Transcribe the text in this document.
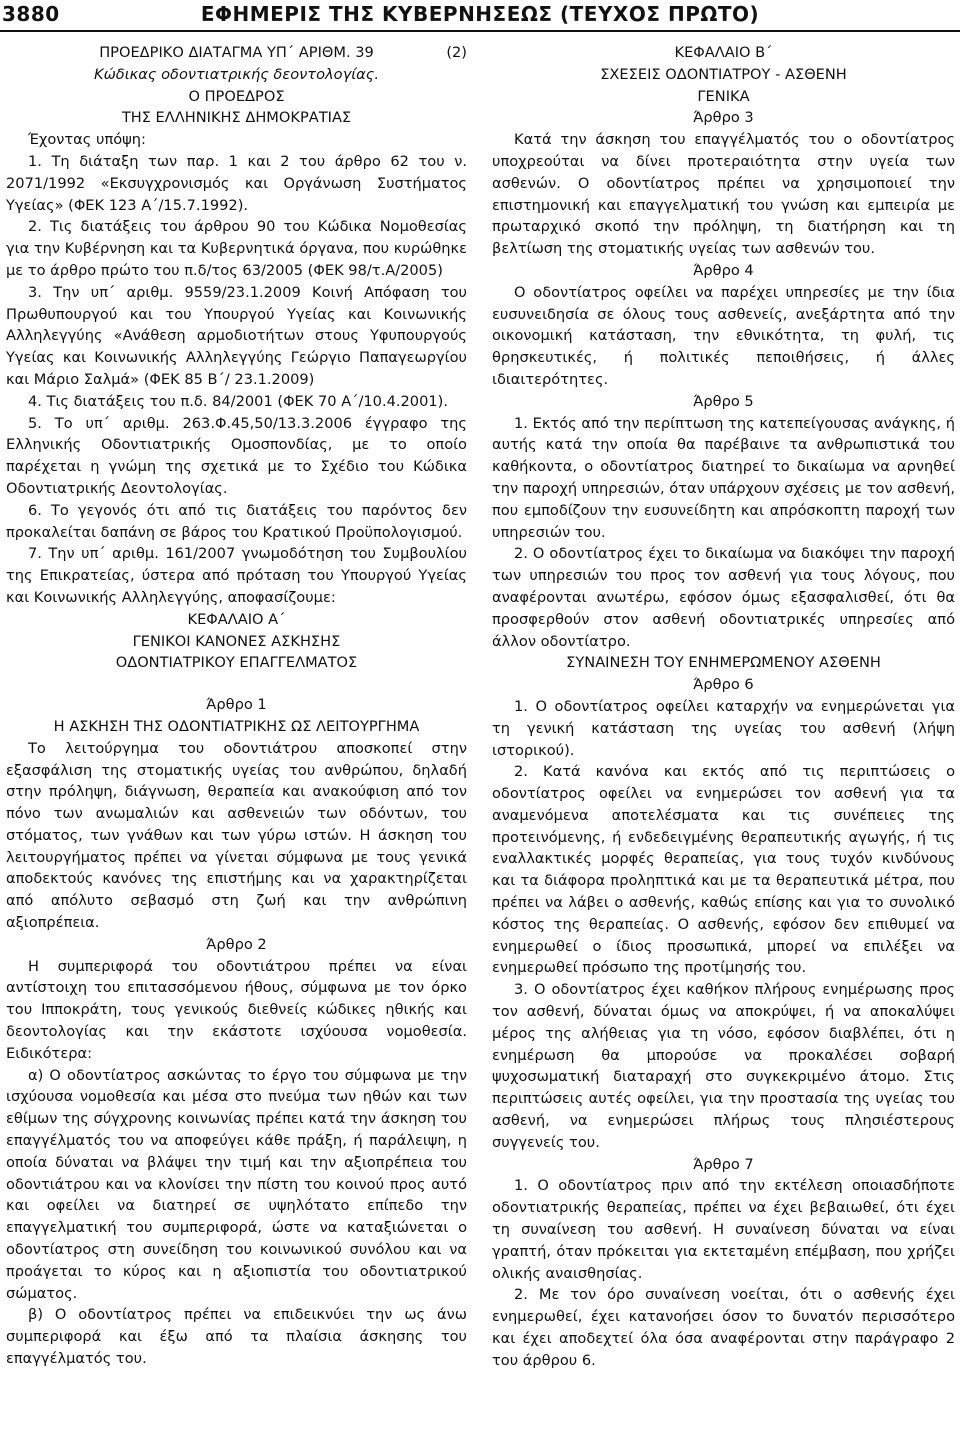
3880	ΕΦΗΜΕΡΙΣ ΤΗΣ ΚΥΒΕΡΝΗΣΕΩΣ (ΤΕΥΧΟΣ ΠΡΩΤΟ)
(2)

ΠΡΟΕΔΡΙΚΟ ΔΙΑΤΑΓΜΑ ΥΠ΄ ΑΡΙΘΜ. 39

Κώδικας οδοντιατρικής δεοντολογίας.

Ο ΠΡΟΕΔΡΟΣ

ΤΗΣ ΕΛΛΗΝΙΚΗΣ ΔΗΜΟΚΡΑΤΙΑΣ

Έχοντας υπόψη:

1. Τη διάταξη των παρ. 1 και 2 του άρθρο 62 του ν. 2071/1992 «Εκσυγχρονισμός και Οργάνωση Συστήματος Υγείας» (ΦΕΚ 123 Α΄/15.7.1992).

2. Τις διατάξεις του άρθρου 90 του Κώδικα Νομοθεσίας για την Κυβέρνηση και τα Κυβερνητικά όργανα, που κυρώθηκε με το άρθρο πρώτο του π.δ/τος 63/2005 (ΦΕΚ 98/τ.Α/2005)

3. Την υπ΄ αριθμ. 9559/23.1.2009 Κοινή Απόφαση του Πρωθυπουργού και του Υπουργού Υγείας και Κοινωνικής Αλληλεγγύης «Ανάθεση αρμοδιοτήτων στους Υφυπουργούς Υγείας και Κοινωνικής Αλληλεγγύης Γεώργιο Παπαγεωργίου και Μάριο Σαλμά» (ΦΕΚ 85 Β΄/ 23.1.2009)

4. Τις διατάξεις του π.δ. 84/2001 (ΦΕΚ 70 Α΄/10.4.2001).

5. Το υπ΄ αριθμ. 263.Φ.45,50/13.3.2006 έγγραφο της Ελληνικής Οδοντιατρικής Ομοσπονδίας, με το οποίο παρέχεται η γνώμη της σχετικά με το Σχέδιο του Κώδικα Οδοντιατρικής Δεοντολογίας.

6. Το γεγονός ότι από τις διατάξεις του παρόντος δεν προκαλείται δαπάνη σε βάρος του Κρατικού Προϋπολογισμού.

7. Την υπ΄ αριθμ. 161/2007 γνωμοδότηση του Συμβουλίου της Επικρατείας, ύστερα από πρόταση του Υπουργού Υγείας και Κοινωνικής Αλληλεγγύης, αποφασίζουμε:

ΚΕΦΑΛΑΙΟ Α΄

ΓΕΝΙΚΟΙ ΚΑΝΟΝΕΣ ΑΣΚΗΣΗΣ

ΟΔΟΝΤΙΑΤΡΙΚΟΥ ΕΠΑΓΓΕΛΜΑΤΟΣ

Άρθρο 1

Η ΑΣΚΗΣΗ ΤΗΣ ΟΔΟΝΤΙΑΤΡΙΚΗΣ ΩΣ ΛΕΙΤΟΥΡΓΗΜΑ

Το λειτούργημα του οδοντιάτρου αποσκοπεί στην εξασφάλιση της στοματικής υγείας του ανθρώπου, δηλαδή στην πρόληψη, διάγνωση, θεραπεία και ανακούφιση από τον πόνο των ανωμαλιών και ασθενειών των οδόντων, του στόματος, των γνάθων και των γύρω ιστών. Η άσκηση του λειτουργήματος πρέπει να γίνεται σύμφωνα με τους γενικά αποδεκτούς κανόνες της επιστήμης και να χαρακτηρίζεται από απόλυτο σεβασμό στη ζωή και την ανθρώπινη αξιοπρέπεια.

Άρθρο 2

Η συμπεριφορά του οδοντιάτρου πρέπει να είναι αντίστοιχη του επιτασσόμενου ήθους, σύμφωνα με τον όρκο του Ιπποκράτη, τους γενικούς διεθνείς κώδικες ηθικής και δεοντολογίας και την εκάστοτε ισχύουσα νομοθεσία. Ειδικότερα:

α) Ο οδοντίατρος ασκώντας το έργο του σύμφωνα με την ισχύουσα νομοθεσία και μέσα στο πνεύμα των ηθών και των εθίμων της σύγχρονης κοινωνίας πρέπει κατά την άσκηση του επαγγέλματός του να αποφεύγει κάθε πράξη, ή παράλειψη, η οποία δύναται να βλάψει την τιμή και την αξιοπρέπεια του οδοντιάτρου και να κλονίσει την πίστη του κοινού προς αυτό και οφείλει να διατηρεί σε υψηλότατο επίπεδο την επαγγελματική του συμπεριφορά, ώστε να καταξιώνεται ο οδοντίατρος στη συνείδηση του κοινωνικού συνόλου και να προάγεται το κύρος και η αξιοπιστία του οδοντιατρικού σώματος.

β) Ο οδοντίατρος πρέπει να επιδεικνύει την ως άνω συμπεριφορά και έξω από τα πλαίσια άσκησης του επαγγέλματός του.

ΚΕΦΑΛΑΙΟ Β΄

ΣΧΕΣΕΙΣ ΟΔΟΝΤΙΑΤΡΟΥ - ΑΣΘΕΝΗ

ΓΕΝΙΚΑ

Άρθρο 3

Κατά την άσκηση του επαγγέλματός του ο οδοντίατρος υποχρεούται να δίνει προτεραιότητα στην υγεία των ασθενών. Ο οδοντίατρος πρέπει να χρησιμοποιεί την επιστημονική και επαγγελματική του γνώση και εμπειρία με πρωταρχικό σκοπό την πρόληψη, τη διατήρηση και τη βελτίωση της στοματικής υγείας των ασθενών του.

Άρθρο 4

Ο οδοντίατρος οφείλει να παρέχει υπηρεσίες με την ίδια ευσυνειδησία σε όλους τους ασθενείς, ανεξάρτητα από την οικονομική κατάσταση, την εθνικότητα, τη φυλή, τις θρησκευτικές, ή πολιτικές πεποιθήσεις, ή άλλες ιδιαιτερότητες.

Άρθρο 5

1. Εκτός από την περίπτωση της κατεπείγουσας ανάγκης, ή αυτής κατά την οποία θα παρέβαινε τα ανθρωπιστικά του καθήκοντα, ο οδοντίατρος διατηρεί το δικαίωμα να αρνηθεί την παροχή υπηρεσιών, όταν υπάρχουν σχέσεις με τον ασθενή, που εμποδίζουν την ευσυνείδητη και απρόσκοπτη παροχή των υπηρεσιών του.

2. Ο οδοντίατρος έχει το δικαίωμα να διακόψει την παροχή των υπηρεσιών του προς τον ασθενή για τους λόγους, που αναφέρονται ανωτέρω, εφόσον όμως εξασφαλισθεί, ότι θα προσφερθούν στον ασθενή οδοντιατρικές υπηρεσίες από άλλον οδοντίατρο.

ΣΥΝΑΙΝΕΣΗ ΤΟΥ ΕΝΗΜΕΡΩΜΕΝΟΥ ΑΣΘΕΝΗ

Άρθρο 6

1. Ο οδοντίατρος οφείλει καταρχήν να ενημερώνεται για τη γενική κατάσταση της υγείας του ασθενή (λήψη ιστορικού).

2. Κατά κανόνα και εκτός από τις περιπτώσεις ο οδοντίατρος οφείλει να ενημερώσει τον ασθενή για τα αναμενόμενα αποτελέσματα και τις συνέπειες της προτεινόμενης, ή ενδεδειγμένης θεραπευτικής αγωγής, ή τις εναλλακτικές μορφές θεραπείας, για τους τυχόν κινδύνους και τα διάφορα προληπτικά και με τα θεραπευτικά μέτρα, που πρέπει να λάβει ο ασθενής, καθώς επίσης και για το συνολικό κόστος της θεραπείας. Ο ασθενής, εφόσον δεν επιθυμεί να ενημερωθεί ο ίδιος προσωπικά, μπορεί να επιλέξει να ενημερωθεί πρόσωπο της προτίμησής του.

3. Ο οδοντίατρος έχει καθήκον πλήρους ενημέρωσης προς τον ασθενή, δύναται όμως να αποκρύψει, ή να αποκαλύψει μέρος της αλήθειας για τη νόσο, εφόσον διαβλέπει, ότι η ενημέρωση θα μπορούσε να προκαλέσει σοβαρή ψυχοσωματική διαταραχή στο συγκεκριμένο άτομο. Στις περιπτώσεις αυτές οφείλει, για την προστασία της υγείας του ασθενή, να ενημερώσει πλήρως τους πλησιέστερους συγγενείς του.

Άρθρο 7

1. Ο οδοντίατρος πριν από την εκτέλεση οποιασδήποτε οδοντιατρικής θεραπείας, πρέπει να έχει βεβαιωθεί, ότι έχει τη συναίνεση του ασθενή. Η συναίνεση δύναται να είναι γραπτή, όταν πρόκειται για εκτεταμένη επέμβαση, που χρήζει ολικής αναισθησίας.

2. Με τον όρο συναίνεση νοείται, ότι ο ασθενής έχει ενημερωθεί, έχει κατανοήσει όσον το δυνατόν περισσότερο και έχει αποδεχτεί όλα όσα αναφέρονται στην παράγραφο 2 του άρθρου 6.
